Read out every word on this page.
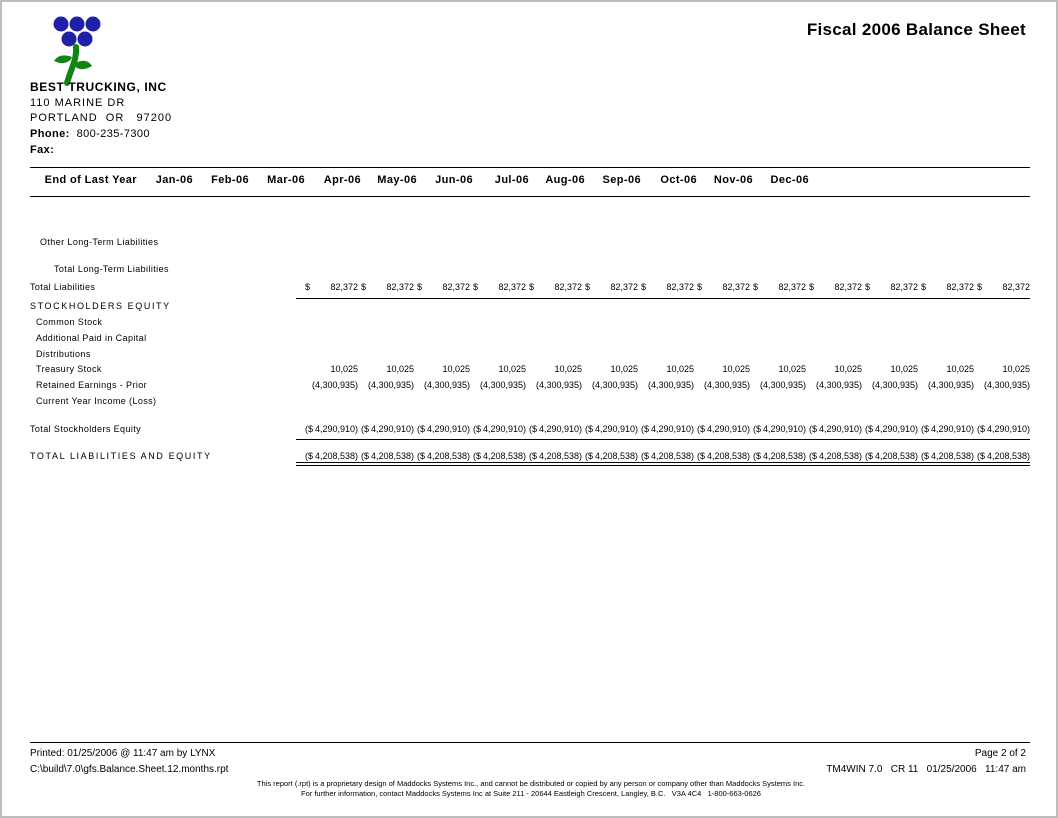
BEST TRUCKING, INC
110 MARINE DR
PORTLAND  OR   97200
Phone: 800-235-7300
Fax:
Fiscal 2006 Balance Sheet
End of Last Year	Jan-06	Feb-06	Mar-06	Apr-06	May-06	Jun-06	Jul-06	Aug-06	Sep-06	Oct-06	Nov-06	Dec-06
Other Long-Term Liabilities
Total Long-Term Liabilities
Total Liabilities	$ 82,372 $ 82,372 $ 82,372 $ 82,372 $ 82,372 $ 82,372 $ 82,372 $ 82,372 $ 82,372 $ 82,372 $ 82,372 $ 82,372 $ 82,372
STOCKHOLDERS EQUITY
Common Stock
Additional Paid in Capital
Distributions
Treasury Stock	10,025	10,025	10,025	10,025	10,025	10,025	10,025	10,025	10,025	10,025	10,025	10,025	10,025
Retained Earnings - Prior	(4,300,935)	(4,300,935)	(4,300,935)	(4,300,935)	(4,300,935)	(4,300,935)	(4,300,935)	(4,300,935)	(4,300,935)	(4,300,935)	(4,300,935)	(4,300,935)	(4,300,935)
Current Year Income (Loss)
Total Stockholders Equity	($ 4,290,910) ($ 4,290,910) ($ 4,290,910) ($ 4,290,910) ($ 4,290,910) ($ 4,290,910) ($ 4,290,910) ($ 4,290,910) ($ 4,290,910) ($ 4,290,910) ($ 4,290,910) ($ 4,290,910) ($ 4,290,910)
TOTAL LIABILITIES AND EQUITY	($ 4,208,538) ($ 4,208,538) ($ 4,208,538) ($ 4,208,538) ($ 4,208,538) ($ 4,208,538) ($ 4,208,538) ($ 4,208,538) ($ 4,208,538) ($ 4,208,538) ($ 4,208,538) ($ 4,208,538) ($ 4,208,538)
Printed: 01/25/2006 @ 11:47 am by LYNX	Page 2 of 2
C:\build\7.0\gfs.Balance.Sheet.12.months.rpt	TM4WIN 7.0   CR 11   01/25/2006   11:47 am
This report (.rpt) is a proprietary design of Maddocks Systems Inc., and cannot be distributed or copied by any person or company other than Maddocks Systems Inc.
For further information, contact Maddocks Systems Inc at Suite 211 - 20644 Eastleigh Crescent, Langley, B.C.   V3A 4C4   1-800-663-0626
